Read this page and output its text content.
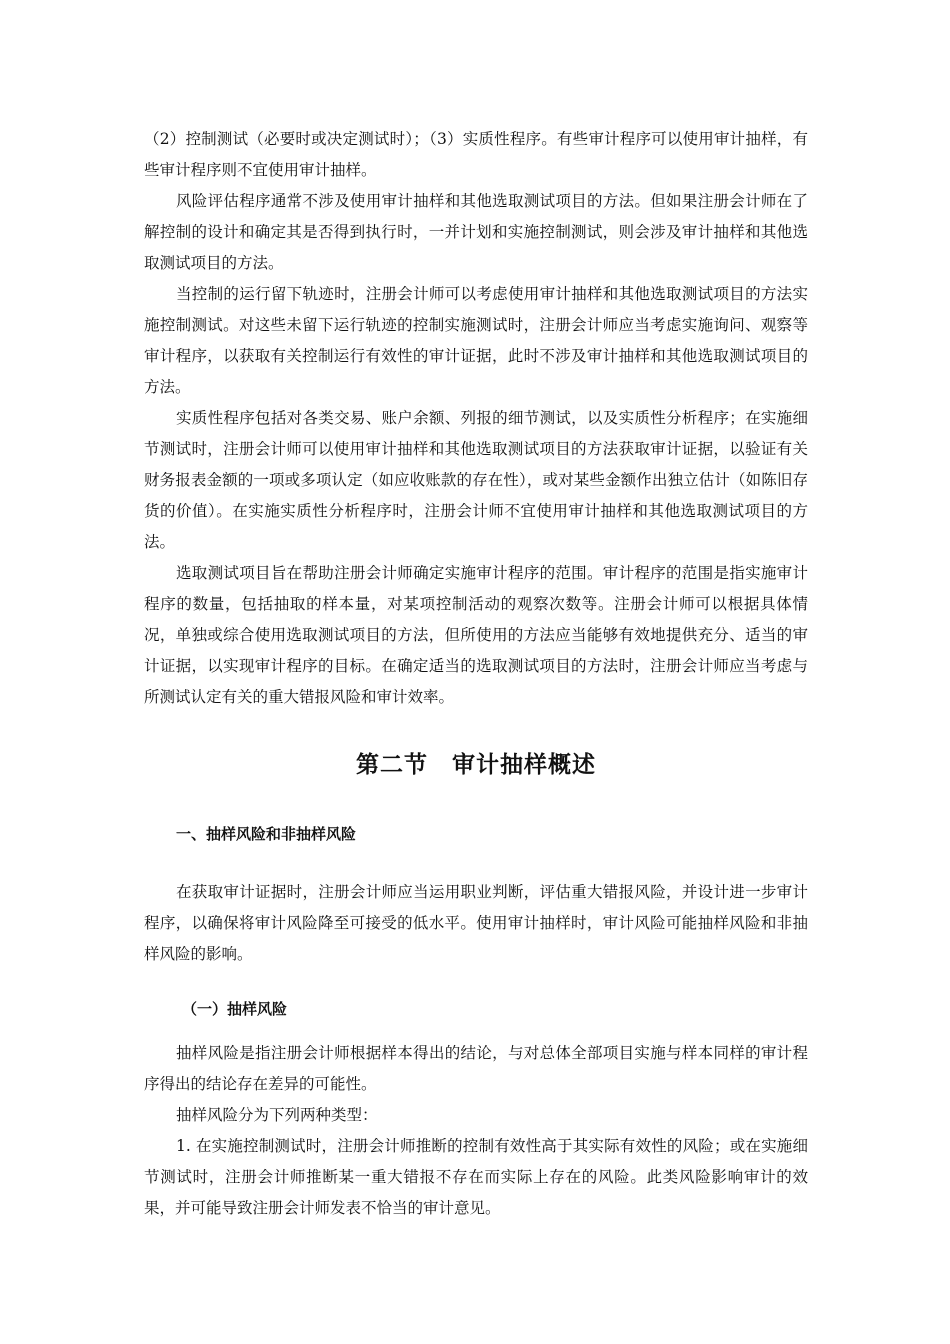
（2）控制测试（必要时或决定测试时）；（3）实质性程序。有些审计程序可以使用审计抽样，有些审计程序则不宜使用审计抽样。

风险评估程序通常不涉及使用审计抽样和其他选取测试项目的方法。但如果注册会计师在了解控制的设计和确定其是否得到执行时，一并计划和实施控制测试，则会涉及审计抽样和其他选取测试项目的方法。

当控制的运行留下轨迹时，注册会计师可以考虑使用审计抽样和其他选取测试项目的方法实施控制测试。对这些未留下运行轨迹的控制实施测试时，注册会计师应当考虑实施询问、观察等审计程序，以获取有关控制运行有效性的审计证据，此时不涉及审计抽样和其他选取测试项目的方法。

实质性程序包括对各类交易、账户余额、列报的细节测试，以及实质性分析程序；在实施细节测试时，注册会计师可以使用审计抽样和其他选取测试项目的方法获取审计证据，以验证有关财务报表金额的一项或多项认定（如应收账款的存在性），或对某些金额作出独立估计（如陈旧存货的价值）。在实施实质性分析程序时，注册会计师不宜使用审计抽样和其他选取测试项目的方法。

选取测试项目旨在帮助注册会计师确定实施审计程序的范围。审计程序的范围是指实施审计程序的数量，包括抽取的样本量，对某项控制活动的观察次数等。注册会计师可以根据具体情况，单独或综合使用选取测试项目的方法，但所使用的方法应当能够有效地提供充分、适当的审计证据，以实现审计程序的目标。在确定适当的选取测试项目的方法时，注册会计师应当考虑与所测试认定有关的重大错报风险和审计效率。

第二节 审计抽样概述
一、抽样风险和非抽样风险

在获取审计证据时，注册会计师应当运用职业判断，评估重大错报风险，并设计进一步审计程序，以确保将审计风险降至可接受的低水平。使用审计抽样时，审计风险可能抽样风险和非抽样风险的影响。

（一）抽样风险

抽样风险是指注册会计师根据样本得出的结论，与对总体全部项目实施与样本同样的审计程序得出的结论存在差异的可能性。

抽样风险分为下列两种类型：

1. 在实施控制测试时，注册会计师推断的控制有效性高于其实际有效性的风险；或在实施细节测试时，注册会计师推断某一重大错报不存在而实际上存在的风险。此类风险影响审计的效果，并可能导致注册会计师发表不恰当的审计意见。
